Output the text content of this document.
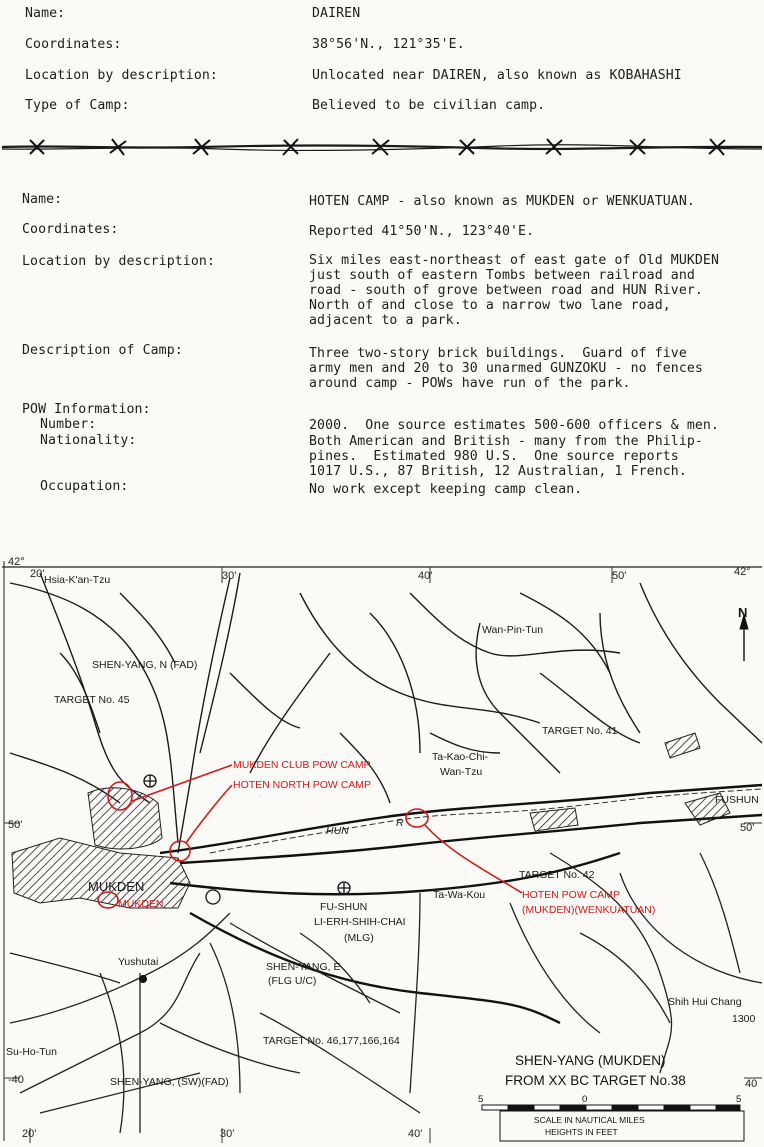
Name:	DAIREN
Coordinates:	38°56'N., 121°35'E.
Location by description:	Unlocated near DAIREN, also known as KOBAHASHI
Type of Camp:	Believed to be civilian camp.
Name:	HOTEN CAMP - also known as MUKDEN or WENKUATUAN.
Coordinates:	Reported 41°50'N., 123°40'E.
Location by description:	Six miles east-northeast of east gate of Old MUKDEN
just south of eastern Tombs between railroad and
road - south of grove between road and HUN River.
North of and close to a narrow two lane road,
adjacent to a park.
Description of Camp:	Three two-story brick buildings.  Guard of five
army men and 20 to 30 unarmed GUNZOKU - no fences
around camp - POWs have run of the park.
POW Information:
Number:	2000.  One source estimates 500-600 officers & men.
Nationality:	Both American and British - many from the Philip-
pines.  Estimated 980 U.S.  One source reports
1017 U.S., 87 British, 12 Australian, 1 French.
Occupation:	No work except keeping camp clean.
42°
20'	30'	40'	50'	42°
50'	50'
-40	40
20'	30'	40'
Hsia-K'an-Tzu
Wan-Pin-Tun
SHEN-YANG, N (FAD)
TARGET No. 45
TARGET No. 41
Ta-Kao-Chi-
Wan-Tzu
FUSHUN
HUN
R
MUKDEN
TARGET No. 42
FU-SHUN
LI-ERH-SHIH-CHAI
(MLG)
Ta-Wa-Kou
Yushutai	SHEN-YANG, E
(FLG U/C)
Su-Ho-Tun
SHEN-YANG, (SW)(FAD)
TARGET No. 46,177,166,164
Shih Hui Chang
1300
MUKDEN CLUB POW CAMP
HOTEN NORTH POW CAMP
HOTEN POW CAMP
(MUKDEN)(WENKUATUAN)
MUKDEN
N
SHEN-YANG (MUKDEN)
FROM XX BC TARGET No.38
5	0	5
SCALE IN NAUTICAL MILES
HEIGHTS IN FEET
